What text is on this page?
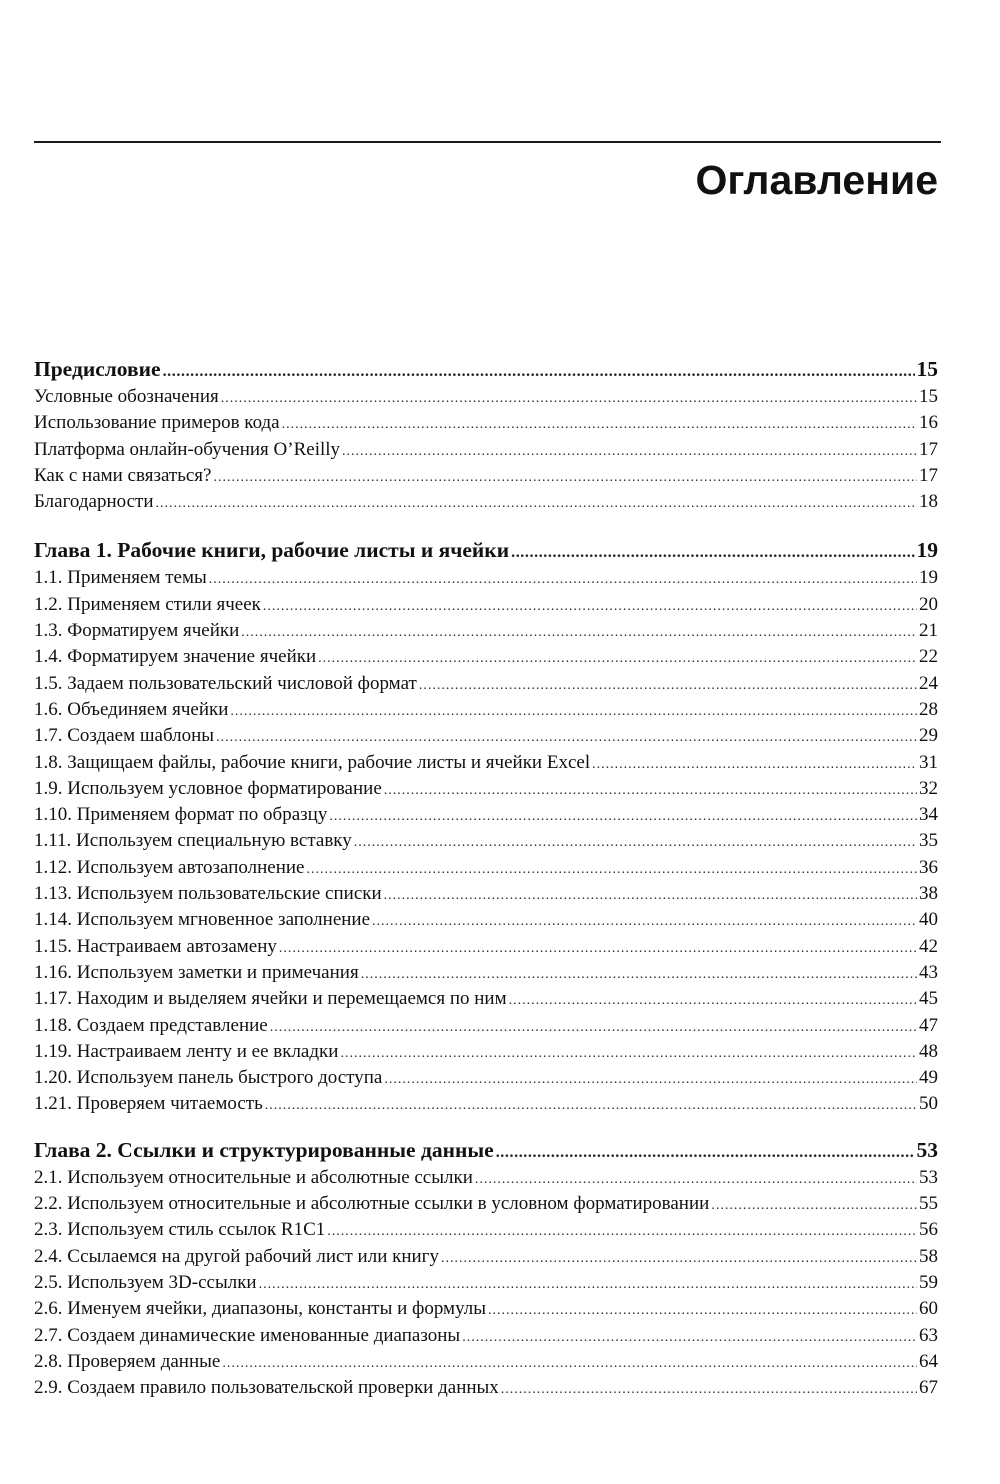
Оглавление
Предисловие .....	15
Условные обозначения .....	15
Использование примеров кода .....	16
Платформа онлайн-обучения O’Reilly .....	17
Как с нами связаться? .....	17
Благодарности .....	18
Глава 1. Рабочие книги, рабочие листы и ячейки .....	19
1.1. Применяем темы .....	19
1.2. Применяем стили ячеек .....	20
1.3. Форматируем ячейки .....	21
1.4. Форматируем значение ячейки .....	22
1.5. Задаем пользовательский числовой формат .....	24
1.6. Объединяем ячейки .....	28
1.7. Создаем шаблоны .....	29
1.8. Защищаем файлы, рабочие книги, рабочие листы и ячейки Excel .....	31
1.9. Используем условное форматирование .....	32
1.10. Применяем формат по образцу .....	34
1.11. Используем специальную вставку .....	35
1.12. Используем автозаполнение .....	36
1.13. Используем пользовательские списки .....	38
1.14. Используем мгновенное заполнение .....	40
1.15. Настраиваем автозамену .....	42
1.16. Используем заметки и примечания .....	43
1.17. Находим и выделяем ячейки и перемещаемся по ним .....	45
1.18. Создаем представление .....	47
1.19. Настраиваем ленту и ее вкладки .....	48
1.20. Используем панель быстрого доступа .....	49
1.21. Проверяем читаемость .....	50
Глава 2. Ссылки и структурированные данные .....	53
2.1. Используем относительные и абсолютные ссылки .....	53
2.2. Используем относительные и абсолютные ссылки в условном форматировании .....	55
2.3. Используем стиль ссылок R1C1 .....	56
2.4. Ссылаемся на другой рабочий лист или книгу .....	58
2.5. Используем 3D-ссылки .....	59
2.6. Именуем ячейки, диапазоны, константы и формулы .....	60
2.7. Создаем динамические именованные диапазоны .....	63
2.8. Проверяем данные .....	64
2.9. Создаем правило пользовательской проверки данных .....	67
